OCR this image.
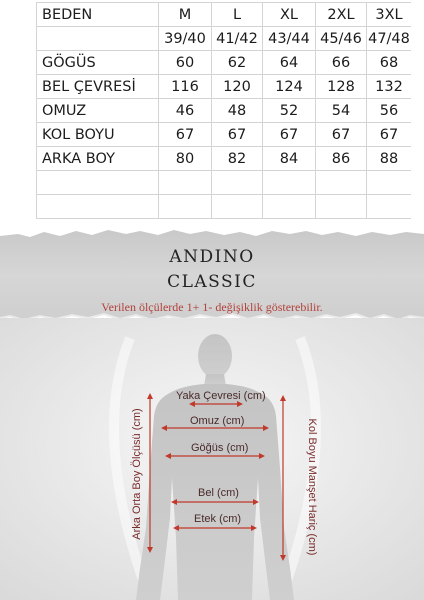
BEDEN	M	L	XL	2XL	3XL
	39/40	41/42	43/44	45/46	47/48
GÖGÜS	60	62	64	66	68
BEL ÇEVRESİ	116	120	124	128	132
OMUZ	46	48	52	54	56
KOL BOYU	67	67	67	67	67
ARKA BOY	80	82	84	86	88

ANDINO
CLASSIC
Verilen ölçülerde 1+ 1- değişiklik gösterebilir.
Yaka Çevresi (cm)
Omuz (cm)
Göğüs (cm)
Bel (cm)
Etek (cm)
Arka Orta Boy Ölçüsü (cm)	Kol Boyu Manşet Hariç (cm)
